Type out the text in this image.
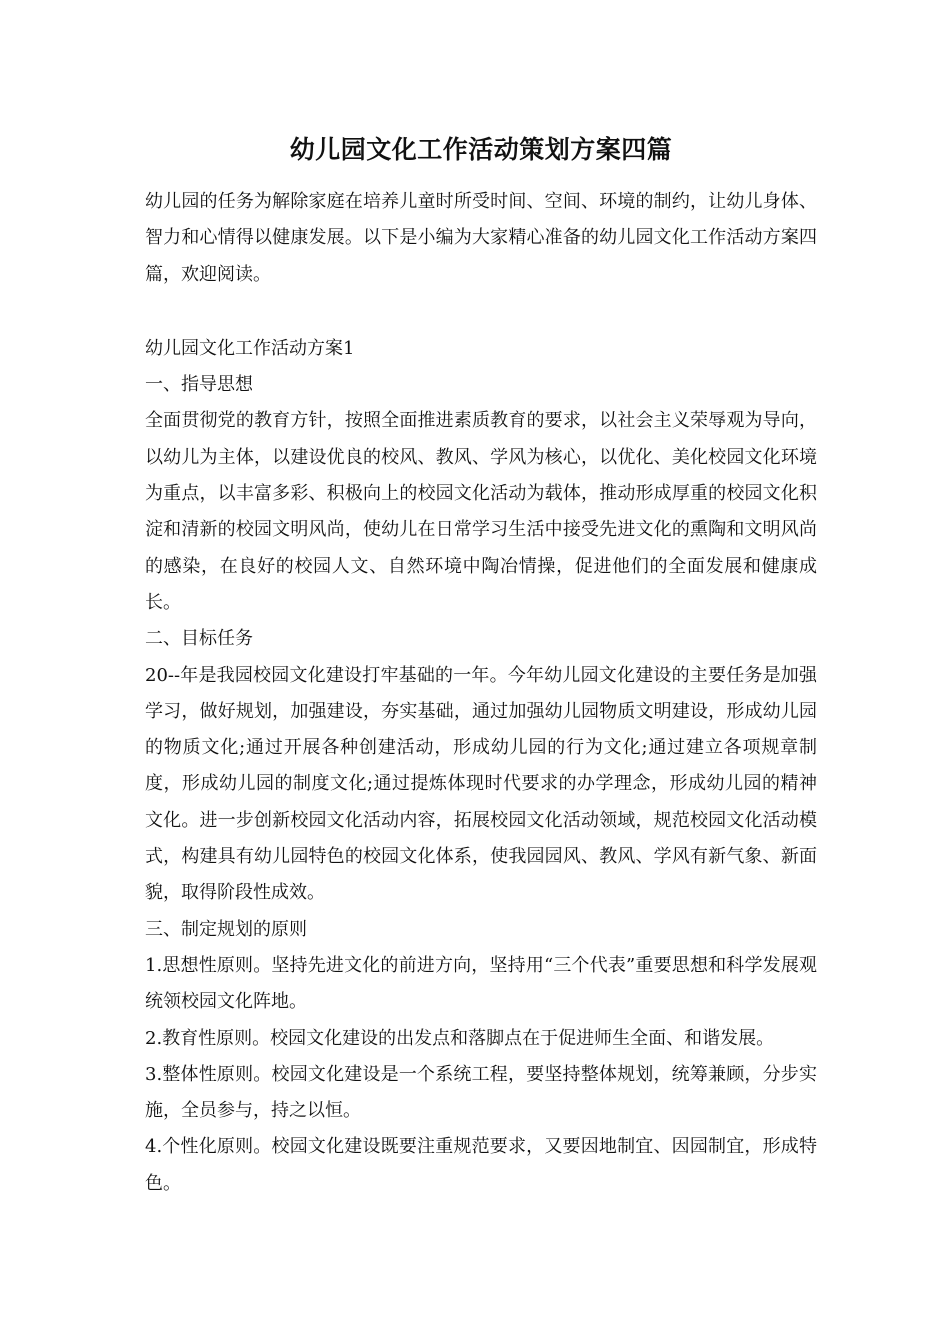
幼儿园文化工作活动策划方案四篇

幼儿园的任务为解除家庭在培养儿童时所受时间、空间、环境的制约，让幼儿身体、智力和心情得以健康发展。以下是小编为大家精心准备的幼儿园文化工作活动方案四篇，欢迎阅读。

幼儿园文化工作活动方案1

一、指导思想

全面贯彻党的教育方针，按照全面推进素质教育的要求，以社会主义荣辱观为导向，以幼儿为主体，以建设优良的校风、教风、学风为核心，以优化、美化校园文化环境为重点，以丰富多彩、积极向上的校园文化活动为载体，推动形成厚重的校园文化积淀和清新的校园文明风尚，使幼儿在日常学习生活中接受先进文化的熏陶和文明风尚的感染，在良好的校园人文、自然环境中陶冶情操，促进他们的全面发展和健康成长。

二、目标任务

20--年是我园校园文化建设打牢基础的一年。今年幼儿园文化建设的主要任务是加强学习，做好规划，加强建设，夯实基础，通过加强幼儿园物质文明建设，形成幼儿园的物质文化;通过开展各种创建活动，形成幼儿园的行为文化;通过建立各项规章制度，形成幼儿园的制度文化;通过提炼体现时代要求的办学理念，形成幼儿园的精神文化。进一步创新校园文化活动内容，拓展校园文化活动领域，规范校园文化活动模式，构建具有幼儿园特色的校园文化体系，使我园园风、教风、学风有新气象、新面貌，取得阶段性成效。

三、制定规划的原则

1.思想性原则。坚持先进文化的前进方向，坚持用“三个代表”重要思想和科学发展观统领校园文化阵地。

2.教育性原则。校园文化建设的出发点和落脚点在于促进师生全面、和谐发展。

3.整体性原则。校园文化建设是一个系统工程，要坚持整体规划，统筹兼顾，分步实施，全员参与，持之以恒。

4.个性化原则。校园文化建设既要注重规范要求，又要因地制宜、因园制宜，形成特色。
